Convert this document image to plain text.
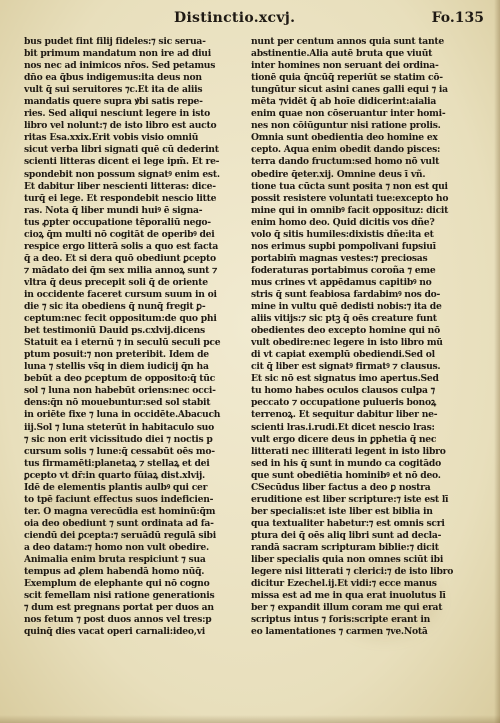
Distinctio.xcvj.	Fo.135
bus pudet fint filij fideles:⁊ sic serua-
bit primum mandatum non ire ad diui
nos nec ad inimicos nr̄os. Sed petamus
dn̄o ea q̄bus indigemus:ita deus non
vult q̄ sui seruitores ⁊c.Et ita de aliis
mandatis quere supra ꝟbi satis repe-
ries. Sed aliqui nesciunt legere in isto
libro vel nolunt:⁊ de isto libro est aucto
ritas Esa.xxix.Erit vobis visio omniū
sicut verba libri signati quē cū dederint
scienti litteras dicent ei lege ipm̄. Et re-
spondebit non possum signatꝰ enim est.
Et dabitur liber nescienti litteras: dice-
turq̄ ei lege. Et respondebit nescio litte
ras. Nota q̄ liber mundi huiꝰ ē signa-
tus ꝓpter occupatione tēporaliū nego-
cioꝝ q̄m multi nō cogitāt de operibꝰ dei
respice ergo litterā solis a quo est facta
q̄ a deo. Et si dera quō obediunt ꝑcepto
⁊ mādato dei q̄m sex milia annoꝝ sunt ⁊
vltra q̄ deus precepit soli q̄ de oriente
in occidente faceret cursum suum in oi
die ⁊ sic ita obediens q̄ nunq̄ fregit ꝑ-
ceptum:nec fecit oppositum:de quo phi
bet testimoniū Dauid ps.cxlvij.dicens
Statuit ea i eternū ⁊ in seculū seculi pce
ptum posuit:⁊ non preteribit. Idem de
luna ⁊ stellis vs̄q in diem iudicij q̄n ha
bebūt a deo ꝑceptum de opposito:q̄ tūc
sol ⁊ luna non habebūt oriens:nec occi-
dens:q̄n nō mouebuntur:sed sol stabit
in oriēte fixe ⁊ luna in occidēte.Abacuch
iij.Sol ⁊ luna steterūt in habitaculo suo
⁊ sic non erit vicissitudo diei ⁊ noctis p
cursum solis ⁊ lune:q̄ cessabūt oēs mo-
tus firmamēti:planetaꝝ ⁊ stellaꝝ et dei
ꝑcepto vt dr̄:in quarto fūiaꝝ dist.xlvij.
Idē de elementis plantis aulbꝰ qui cer
to tpē faciunt effectus suos indeficien-
ter. O magna verecūdia est hominū:q̄m
oia deo obediunt ⁊ sunt ordinata ad fa-
ciendū dei ꝑcepta:⁊ seruādū regulā sibi
a deo datam:⁊ homo non vult obedire.
Animalia enim bruta respiciunt ⁊ sua
tempus ad ꝓlem habendā homo nūq̄.
Exemplum de elephante qui nō cogno
scit femellam nisi ratione generationis
⁊ dum est pregnans portat per duos an
nos fetum ⁊ post duos annos vel tres:p
quinq̄ dies vacat operi carnali:ideo,vi
nunt per centum annos quia sunt tante
abstinentie.Alia autē bruta que viuūt
inter homines non seruant dei ordina-
tionē quia q̄ncūq̄ reperiūt se statim cō-
tungūtur sicut asini canes galli equi ⁊ ia
mēta ⁊vidēt q̄ ab hoīe didicerint:aialia
enim quae non cōseruantur inter homi-
nes non cōiūguntur nisi ratione prolis.
Omnia sunt obedientia deo homine ex
cepto. Aqua enim obedit dando pisces:
terra dando fructum:sed homo nō vult
obedire q̄eter.xij. Omnine deus ī vñ.
tione tua cūcta sunt posita ⁊ non est qui
possit resistere voluntati tue:excepto ho
mine qui in omnibꝰ facit opposituz: dicit
enim homo deo. Quid dicitis vos dñe?
volo q̄ sitis humiles:dixistis dñe:ita et
nos erimus supbi pompolivani fupsiuī
portabim̄ magnas vestes:⁊ preciosas
foderaturas portabimus coroña ⁊ eme
mus crines vt appēdamus capitibꝰ no
stris q̄ sunt feabiosa fardabimꝰ nos do-
mine in vultu quē dedisti nobis:⁊ ita de
aliis vitijs:⁊ sic ptꝫ q̄ oēs creature funt
obedientes deo excepto homine qui nō
vult obedire:nec legere in isto libro mū
di vt capiat exemplū obediendi.Sed ol
cit q̄ liber est signatꝰ firmatꝰ ⁊ clausus.
Et sic nō est signatus imo apertus.Sed
tu homo habes oculos clausos culpa ⁊
peccato ⁊ occupatione pulueris bonoꝝ
terrenoꝝ. Et sequitur dabitur liber ne-
scienti lras.i.rudi.Et dicet nescio lras:
vult ergo dicere deus in ꝑphetia q̄ nec
litterati nec illiterati legent in isto libro
sed in his q̄ sunt in mundo ca cogitādo
que sunt obediētia hominibꝰ et nō deo.
CSecūdus liber factus a deo ꝑ nostra
eruditione est liber scripture:⁊ iste est lī
ber specialis:et iste liber est biblia in
qua textualiter habetur:⁊ est omnis scri
ptura dei q̄ oēs aliq libri sunt ad decla-
randā sacram scripturam biblie:⁊ dicit
liber specialis quia non omnes sciūt ibi
legere nisi litterati ⁊ clerici:⁊ de isto libro
dicitur Ezechel.ij.Et vidi:⁊ ecce manus
missa est ad me in qua erat inuolutus lī
ber ⁊ expandit illum coram me qui erat
scriptus intus ⁊ foris:scripte erant in
eo lamentationes ⁊ carmen ⁊ve.Notā
